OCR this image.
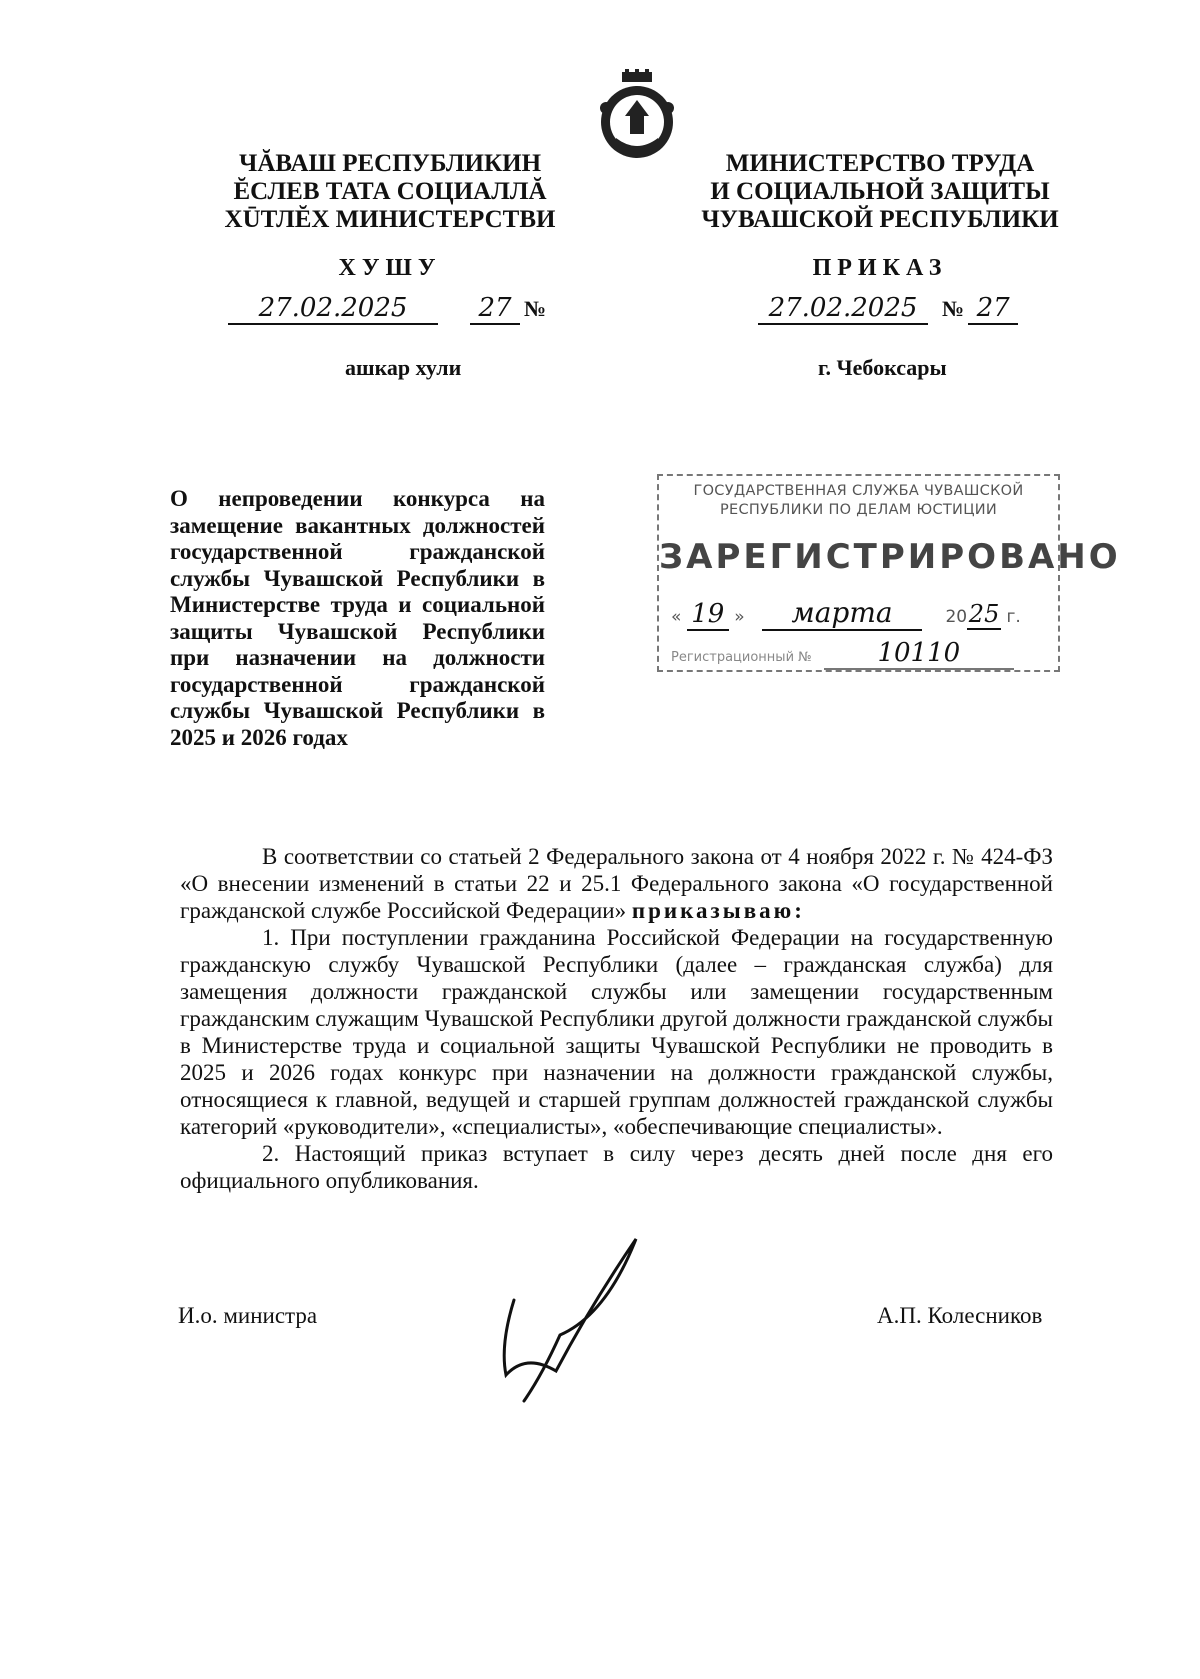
ЧĂВАШ РЕСПУБЛИКИН
ĔСЛЕВ ТАТА СОЦИАЛЛĂ
ХŪТЛĔХ МИНИСТЕРСТВИ
МИНИСТЕРСТВО ТРУДА
И СОЦИАЛЬНОЙ ЗАЩИТЫ
ЧУВАШСКОЙ РЕСПУБЛИКИ
ХУШУ	ПРИКАЗ
27.02.2025	27 №	27.02.2025	№ 27
ашкар хули	г. Чебоксары
О непроведении конкурса на замещение вакантных должностей государственной гражданской службы Чувашской Республики в Министерстве труда и социальной защиты Чувашской Республики при назначении на должности государственной гражданской службы Чувашской Республики в 2025 и 2026 годах
ГОСУДАРСТВЕННАЯ СЛУЖБА ЧУВАШСКОЙ
РЕСПУБЛИКИ ПО ДЕЛАМ ЮСТИЦИИ
ЗАРЕГИСТРИРОВАНО
« 19 » марта	2025 г.
Регистрационный №	10110

В соответствии со статьей 2 Федерального закона от 4 ноября 2022 г. № 424-ФЗ «О внесении изменений в статьи 22 и 25.1 Федерального закона «О государственной гражданской службе Российской Федерации» приказываю:

1. При поступлении гражданина Российской Федерации на государственную гражданскую службу Чувашской Республики (далее – гражданская служба) для замещения должности гражданской службы или замещении государственным гражданским служащим Чувашской Республики другой должности гражданской службы в Министерстве труда и социальной защиты Чувашской Республики не проводить в 2025 и 2026 годах конкурс при назначении на должности гражданской службы, относящиеся к главной, ведущей и старшей группам должностей гражданской службы категорий «руководители», «специалисты», «обеспечивающие специалисты».

2. Настоящий приказ вступает в силу через десять дней после дня его официального опубликования.

И.о. министра	А.П. Колесников
